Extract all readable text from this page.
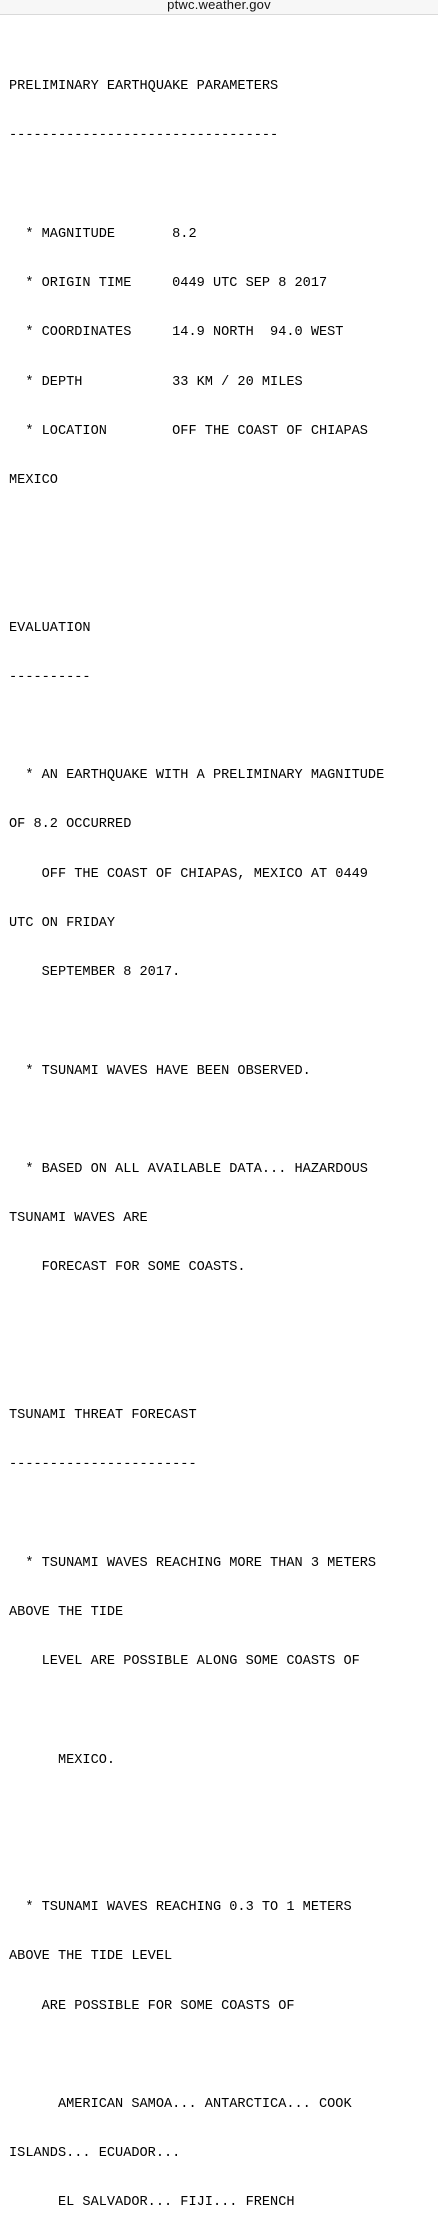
$^{ptwc.weather.gov}$

PRELIMINARY EARTHQUAKE PARAMETERS

---------------------------------

* MAGNITUDE       8.2

* ORIGIN TIME     0449 UTC SEP 8 2017

* COORDINATES     14.9 NORTH  94.0 WEST

* DEPTH           33 KM / 20 MILES

* LOCATION        OFF THE COAST OF CHIAPAS

MEXICO

EVALUATION

----------

* AN EARTHQUAKE WITH A PRELIMINARY MAGNITUDE

OF 8.2 OCCURRED

OFF THE COAST OF CHIAPAS, MEXICO AT 0449

UTC ON FRIDAY

SEPTEMBER 8 2017.

* TSUNAMI WAVES HAVE BEEN OBSERVED.

* BASED ON ALL AVAILABLE DATA... HAZARDOUS

TSUNAMI WAVES ARE

FORECAST FOR SOME COASTS.

TSUNAMI THREAT FORECAST

-----------------------

* TSUNAMI WAVES REACHING MORE THAN 3 METERS

ABOVE THE TIDE

LEVEL ARE POSSIBLE ALONG SOME COASTS OF

MEXICO.

* TSUNAMI WAVES REACHING 0.3 TO 1 METERS

ABOVE THE TIDE LEVEL

ARE POSSIBLE FOR SOME COASTS OF

AMERICAN SAMOA... ANTARCTICA... COOK

ISLANDS... ECUADOR...

EL SALVADOR... FIJI... FRENCH
